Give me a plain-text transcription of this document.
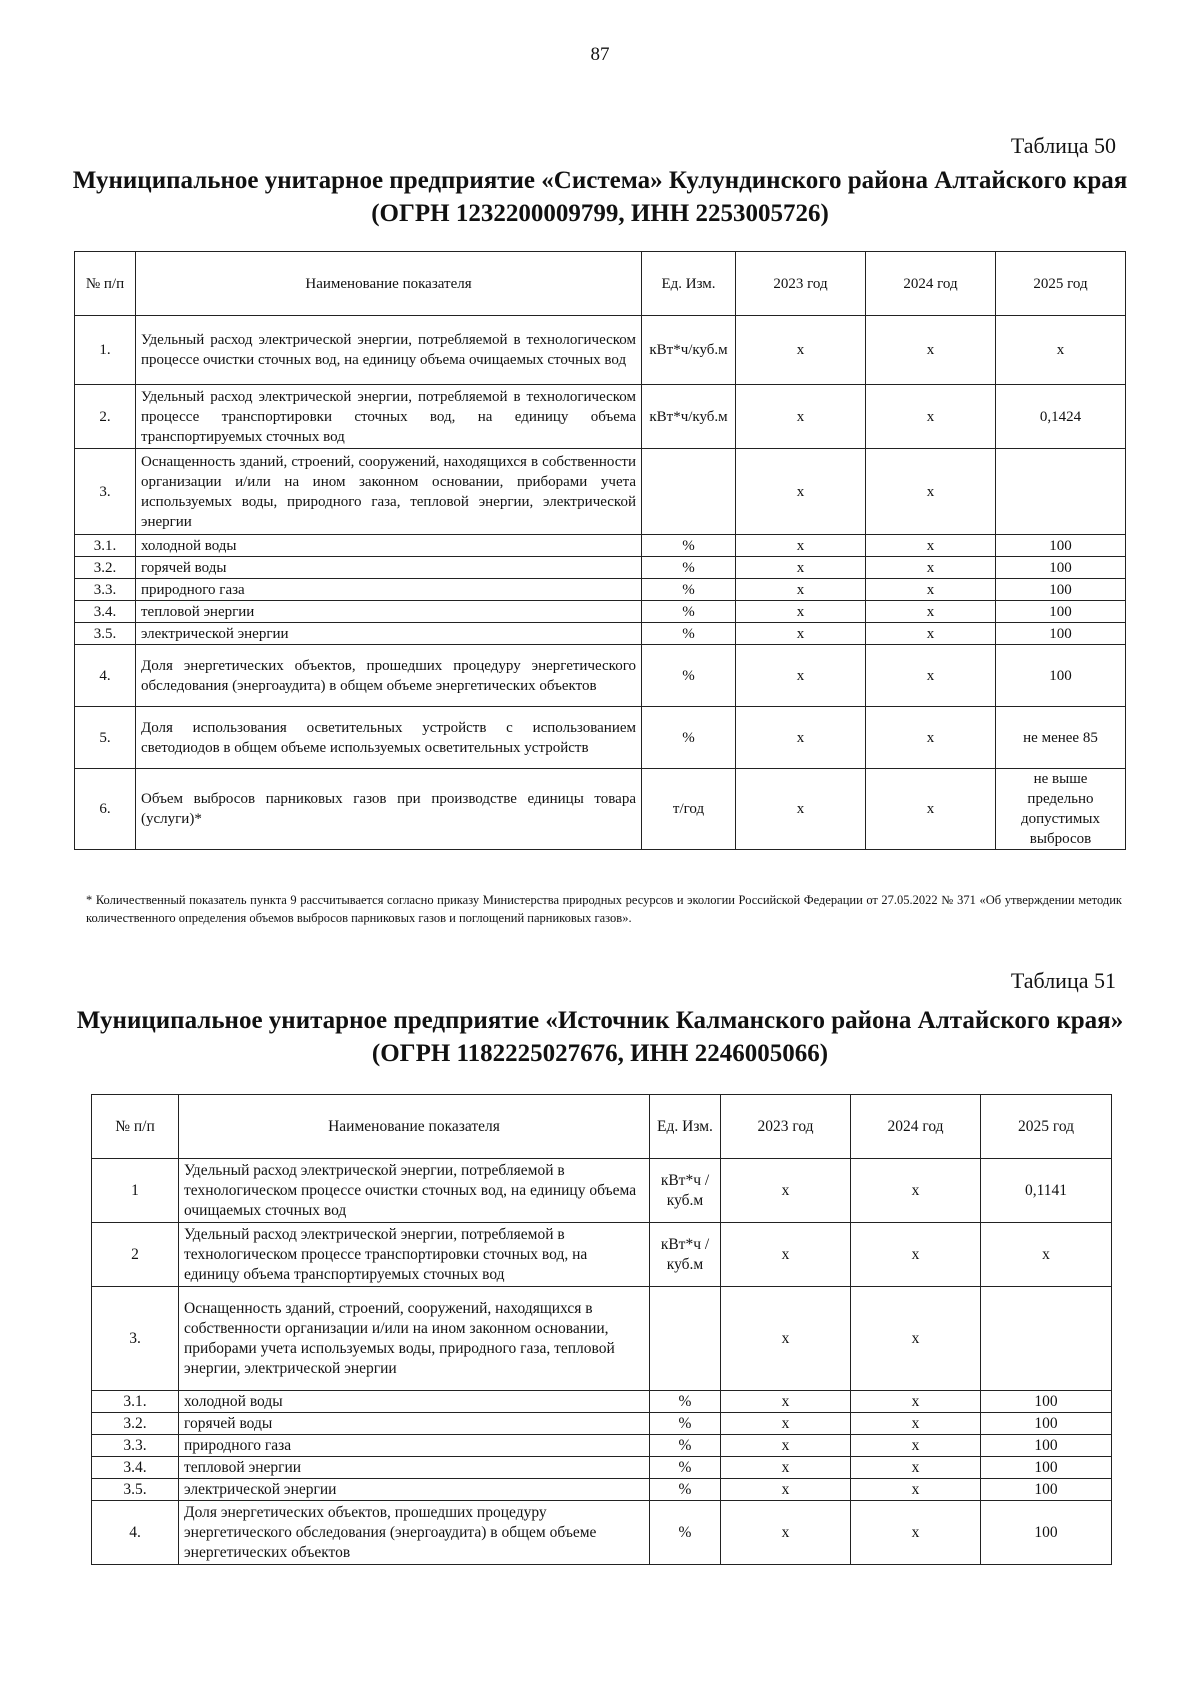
87
Таблица 50
Муниципальное унитарное предприятие «Система» Кулундинского района Алтайского края
(ОГРН 1232200009799, ИНН 2253005726)
№ п/п	Наименование показателя	Ед. Изм.	2023 год	2024 год	2025 год
1.	Удельный расход электрической энергии, потребляемой в технологическом процессе очистки сточных вод, на единицу объема очищаемых сточных вод	кВт*ч/куб.м	х	х	х
2.	Удельный расход электрической энергии, потребляемой в технологическом процессе транспортировки сточных вод, на единицу объема транспортируемых сточных вод	кВт*ч/куб.м	х	х	0,1424
3.	Оснащенность зданий, строений, сооружений, находящихся в собственности организации и/или на ином законном основании, приборами учета используемых воды, природного газа, тепловой энергии, электрической энергии		х	х	
3.1.	холодной воды	%	х	х	100
3.2.	горячей воды	%	х	х	100
3.3.	природного газа	%	х	х	100
3.4.	тепловой энергии	%	х	х	100
3.5.	электрической энергии	%	х	х	100
4.	Доля энергетических объектов, прошедших процедуру энергетического обследования (энергоаудита) в общем объеме энергетических объектов	%	х	х	100
5.	Доля использования осветительных устройств с использованием светодиодов в общем объеме используемых осветительных устройств	%	х	х	не менее 85
6.	Объем выбросов парниковых газов при производстве единицы товара (услуги)*	т/год	х	х	не выше предельно допустимых выбросов
* Количественный показатель пункта 9 рассчитывается согласно приказу Министерства природных ресурсов и экологии Российской Федерации от 27.05.2022 № 371 «Об утверждении методик количественного определения объемов выбросов парниковых газов и поглощений парниковых газов».
Таблица 51
Муниципальное унитарное предприятие «Источник Калманского района Алтайского края»
(ОГРН 1182225027676, ИНН 2246005066)
№ п/п	Наименование показателя	Ед. Изм.	2023 год	2024 год	2025 год
1	Удельный расход электрической энергии, потребляемой в технологическом процессе очистки сточных вод, на единицу объема очищаемых сточных вод	кВт*ч /куб.м	х	х	0,1141
2	Удельный расход электрической энергии, потребляемой в технологическом процессе транспортировки сточных вод, на единицу объема транспортируемых сточных вод	кВт*ч /куб.м	х	х	х
3.	Оснащенность зданий, строений, сооружений, находящихся в собственности организации и/или на ином законном основании, приборами учета используемых воды, природного газа, тепловой энергии, электрической энергии		х	х	
3.1.	холодной воды	%	х	х	100
3.2.	горячей воды	%	х	х	100
3.3.	природного газа	%	х	х	100
3.4.	тепловой энергии	%	х	х	100
3.5.	электрической энергии	%	х	х	100
4.	Доля энергетических объектов, прошедших процедуру энергетического обследования (энергоаудита) в общем объеме энергетических объектов	%	х	х	100
